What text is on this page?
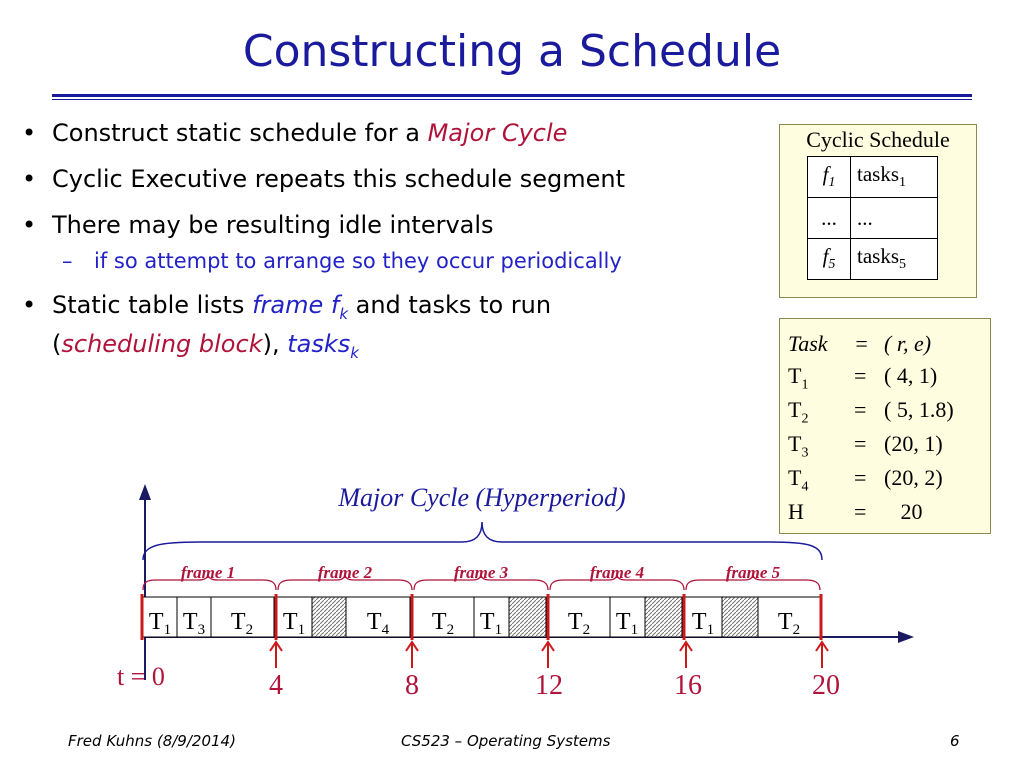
Constructing a Schedule
• Construct static schedule for a Major Cycle
• Cyclic Executive repeats this schedule segment
• There may be resulting idle intervals
– if so attempt to arrange so they occur periodically
• Static table lists frame $f_k$ and tasks to run
(scheduling block), tasks$_k$
Cyclic Schedule
$f_1$	tasks$_1$
...	...
$f_5$	tasks$_5$
Task = ( r, e)
$T_1$ = ( 4, 1)
$T_2$ = ( 5, 1.8)
$T_3 = (20$, 1)
$T_4 = (20$, 2)
H = 20
Major Cycle (Hyperperiod)
frame 1	frame 2	frame 3	frame 4	frame 5
$T_1$ $T_3$ $T_2$ $T_1$	$T_4$ $T_2$ $T_1$	$T_2$ $T_1$ $T_1$	$T_2$
t = 0	4	8	12	16	20
Fred Kuhns (8/9/2014)	CS523 – Operating Systems	6
